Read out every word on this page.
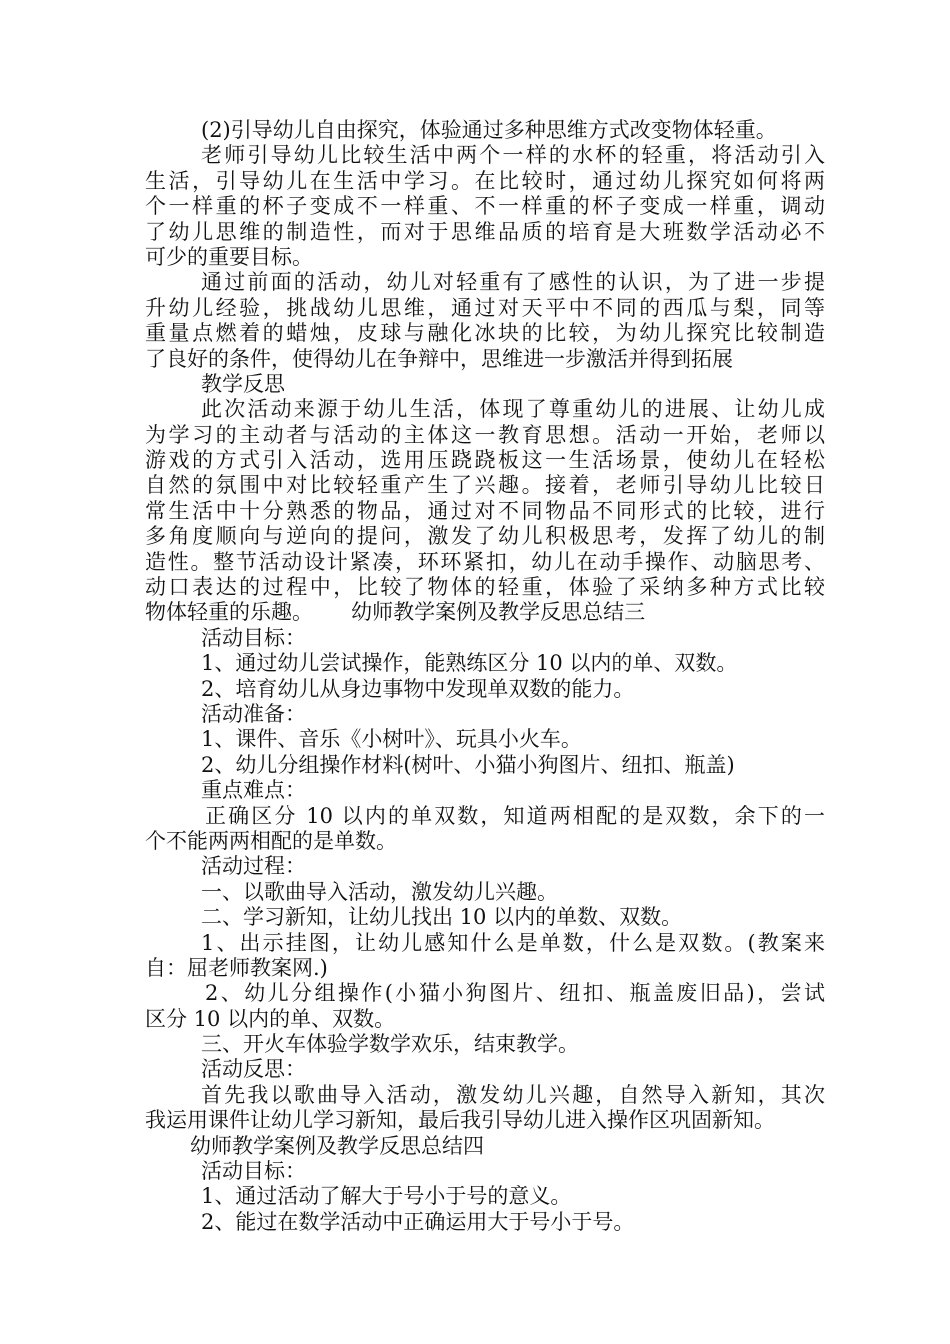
(2)引导幼儿自由探究，体验通过多种思维方式改变物体轻重。
老师引导幼儿比较生活中两个一样的水杯的轻重，将活动引入
生活，引导幼儿在生活中学习。在比较时，通过幼儿探究如何将两
个一样重的杯子变成不一样重、不一样重的杯子变成一样重，调动
了幼儿思维的制造性，而对于思维品质的培育是大班数学活动必不
可少的重要目标。
通过前面的活动，幼儿对轻重有了感性的认识，为了进一步提
升幼儿经验，挑战幼儿思维，通过对天平中不同的西瓜与梨，同等
重量点燃着的蜡烛，皮球与融化冰块的比较，为幼儿探究比较制造
了良好的条件，使得幼儿在争辩中，思维进一步激活并得到拓展
教学反思
此次活动来源于幼儿生活，体现了尊重幼儿的进展、让幼儿成
为学习的主动者与活动的主体这一教育思想。活动一开始，老师以
游戏的方式引入活动，选用压跷跷板这一生活场景，使幼儿在轻松
自然的氛围中对比较轻重产生了兴趣。接着，老师引导幼儿比较日
常生活中十分熟悉的物品，通过对不同物品不同形式的比较，进行
多角度顺向与逆向的提问，激发了幼儿积极思考，发挥了幼儿的制
造性。整节活动设计紧凑，环环紧扣，幼儿在动手操作、动脑思考、
动口表达的过程中，比较了物体的轻重，体验了采纳多种方式比较
物体轻重的乐趣。　　 幼师教学案例及教学反思总结三
活动目标：
1、通过幼儿尝试操作，能熟练区分 10 以内的单、双数。
2、培育幼儿从身边事物中发现单双数的能力。
活动准备：
1、课件、音乐《小树叶》、玩具小火车。
2、幼儿分组操作材料(树叶、小猫小狗图片、纽扣、瓶盖)
重点难点：
正确区分 10 以内的单双数，知道两相配的是双数，余下的一
个不能两两相配的是单数。
活动过程：
一、以歌曲导入活动，激发幼儿兴趣。
二、学习新知，让幼儿找出 10 以内的单数、双数。
1、出示挂图，让幼儿感知什么是单数，什么是双数。(教案来
自：屈老师教案网.)
2、幼儿分组操作(小猫小狗图片、纽扣、瓶盖废旧品)，尝试
区分 10 以内的单、双数。
三、开火车体验学数学欢乐，结束教学。
活动反思：
首先我以歌曲导入活动，激发幼儿兴趣，自然导入新知，其次
我运用课件让幼儿学习新知，最后我引导幼儿进入操作区巩固新知。
幼师教学案例及教学反思总结四
活动目标：
1、通过活动了解大于号小于号的意义。
2、能过在数学活动中正确运用大于号小于号。
